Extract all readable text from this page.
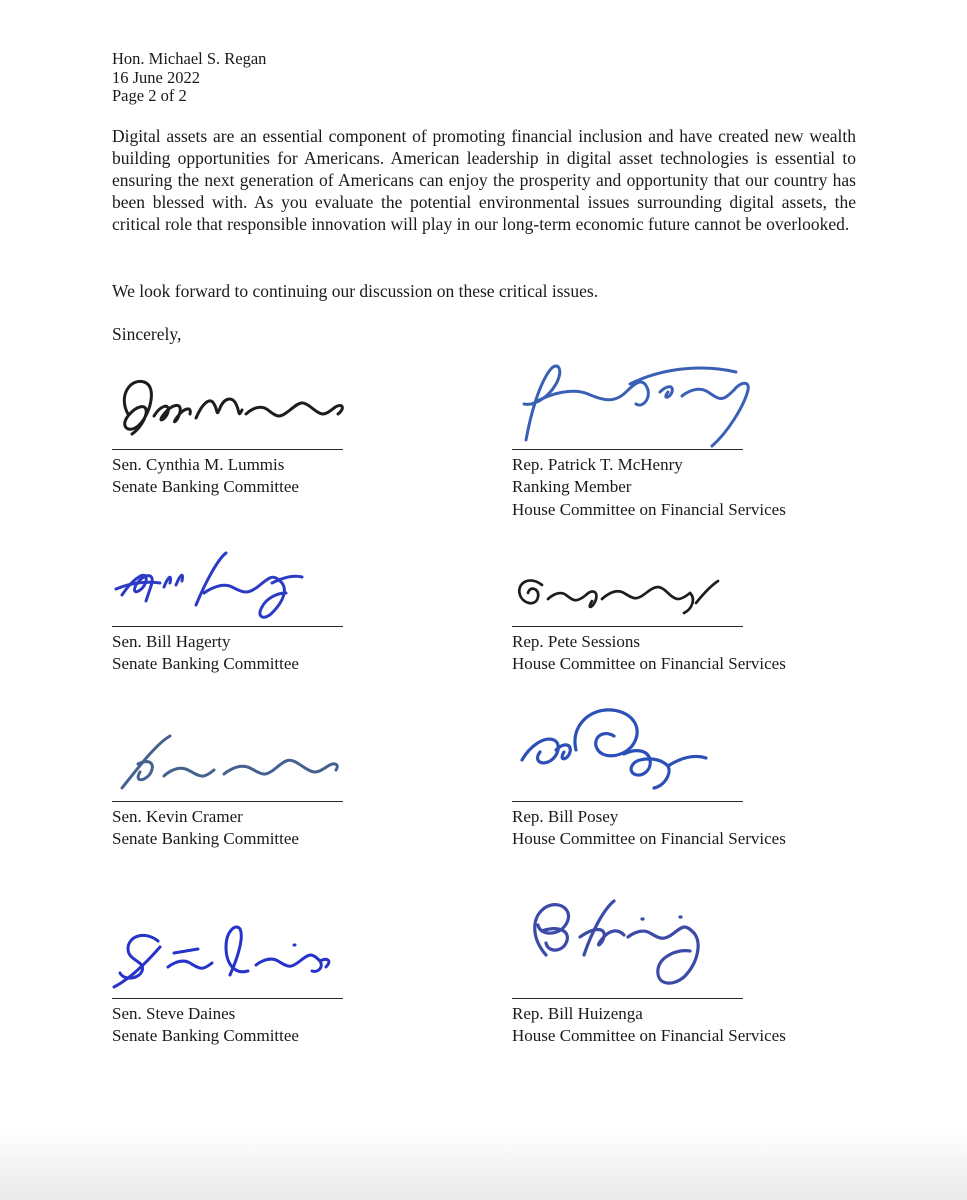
Hon. Michael S. Regan
16 June 2022
Page 2 of 2
Digital assets are an essential component of promoting financial inclusion and have created new wealth building opportunities for Americans. American leadership in digital asset technologies is essential to ensuring the next generation of Americans can enjoy the prosperity and opportunity that our country has been blessed with. As you evaluate the potential environmental issues surrounding digital assets, the critical role that responsible innovation will play in our long-term economic future cannot be overlooked.
We look forward to continuing our discussion on these critical issues.
Sincerely,
Sen. Cynthia M. Lummis
Senate Banking Committee
Rep. Patrick T. McHenry
Ranking Member
House Committee on Financial Services
Sen. Bill Hagerty
Senate Banking Committee
Rep. Pete Sessions
House Committee on Financial Services
Sen. Kevin Cramer
Senate Banking Committee
Rep. Bill Posey
House Committee on Financial Services
Sen. Steve Daines
Senate Banking Committee
Rep. Bill Huizenga
House Committee on Financial Services
